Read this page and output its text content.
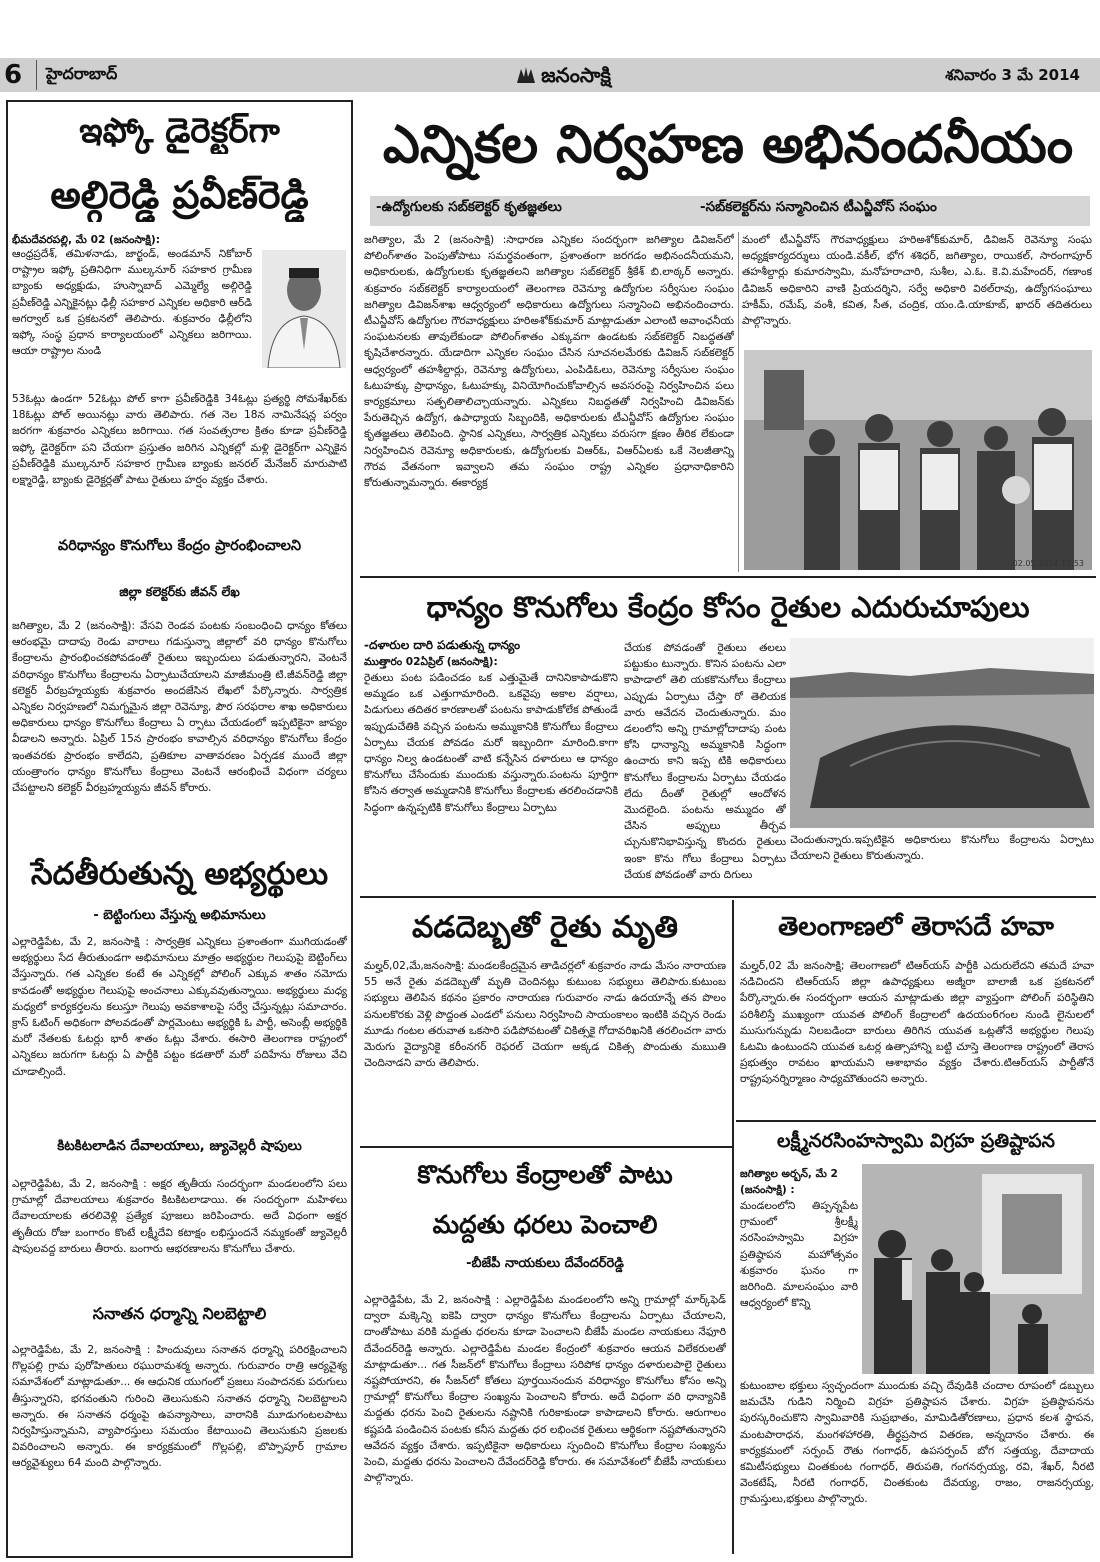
6	హైదరాబాద్	జనంసాక్షి	శనివారం 3 మే 2014
ఇఫ్కో డైరెక్టర్‌గా
అల్గిరెడ్డి ప్రవీణ్‌రెడ్డి
భీమదేవరపల్లి, మే 02 (జనంసాక్షి):

ఆంధ్రప్రదేశ్, తమిళనాడు, జార్ఖండ్, అండమాన్ నికోబార్ రాష్ట్రాల ఇఫ్కో ప్రతినిధిగా ముల్కనూర్ సహకార గ్రామీణ బ్యాంకు అధ్యక్షుడు, హుస్నాబాద్ ఎమ్మెల్యే అల్గిరెడ్డి ప్రవీణ్‌రెడ్డి ఎన్నికైనట్లు ఢిల్లీ సహకార ఎన్నికల అధికారి ఆర్‌డి అగర్వాల్ ఒక ప్రకటనలో తెలిపారు. శుక్రవారం ఢిల్లీలోని ఇఫ్కో సంస్థ ప్రధాన కార్యాలయంలో ఎన్నికలు జరిగాయి. ఆయా రాష్ట్రాల నుండి

53ఓట్లు ఉండగా 52ఓట్లు పోల్ కాగా ప్రవీణ్‌రెడ్డికి 34ఓట్లు ప్రత్యర్థి సోమశేఖర్‌కు 18ఓట్లు పోల్ అయినట్లు వారు తెలిపారు. గత నెల 18న నామినేషన్ల పర్వం జరగగా శుక్రవారం ఎన్నికలు జరిగాయి. గత సంవత్సరాల క్రితం కూడా ప్రవీణ్‌రెడ్డి ఇఫ్కో డైరెక్టర్‌గా పని చేయగా ప్రస్తుతం జరిగిన ఎన్నికల్లో మళ్లి డైరెక్టర్‌గా ఎన్నికైన ప్రవీణ్‌రెడ్డికి ముల్కనూర్ సహకార గ్రామీణ బ్యాంకు జనరల్ మేనేజర్ మారుపాటి లక్ష్మారెడ్డి, బ్యాంకు డైరెక్టర్లతో పాటు రైతులు హర్షం వ్యక్తం చేశారు.

వరిధాన్యం కొనుగోలు కేంద్రం ప్రారంభించాలని
జిల్లా కలెక్టర్‌కు జీవన్ లేఖ

జగిత్యాల, మే 2 (జనంసాక్షి): వేసవి రెండవ పంటకు సంబంధించి ధాన్యం కోతలు ఆరంభమై దాదాపు రెండు వారాలు గడుస్తున్నా జిల్లాలో వరి ధాన్యం కొనుగోలు కేంద్రాలను ప్రారంభించకపోవడంతో రైతులు ఇబ్బందులు పడుతున్నారని, వెంటనే వరిధాన్యం కొనుగోలు కేంద్రాలను ఏర్పాటుచేయాలని మాజీమంత్రి టి.జీవన్‌రెడ్డి జిల్లా కలెక్టర్ వీరబ్రహ్మయ్యకు శుక్రవారం అందజేసిన లేఖలో పేర్కొన్నారు. సార్వత్రిక ఎన్నికల నిర్వహణలో నిమగ్నమైన జిల్లా రెవెన్యూ, పౌర సరఫరాల శాఖ అధికారులు అధికారులు ధాన్యం కొనుగోలు కేంద్రాలు ఏ ర్పాటు చేయడంలో ఇప్పటికైనా జాప్యం వీడాలని అన్నారు. ఏప్రిల్ 15న ప్రారంభం కావాల్సిన వరిధాన్యం కొనుగోలు కేంద్రం ఇంతవరకు ప్రారంభం కాలేదని, ప్రతికూల వాతావరణం ఏర్పడక ముందే జిల్లా యంత్రాంగం ధాన్యం కొనుగోలు కేంద్రాలు వెంటనే ఆరంభించే విధంగా చర్యలు చేపట్టాలని కలెక్టర్ వీరబ్రహ్మయ్యను జీవన్ కోరారు.

సేదతీరుతున్న అభ్యర్థులు
- బెట్టింగులు వేస్తున్న అభిమానులు

ఎల్లారెడ్డిపేట, మే 2, జనంసాక్షి : సార్వత్రిక ఎన్నికలు ప్రశాంతంగా ముగియడంతో అభ్యర్థులు సేద తీరుతుండగా అభిమానులు మాత్రం అభ్యర్థుల గెలుపుపై బెట్టింగ్‌లు వేస్తున్నారు. గత ఎన్నికల కంటే ఈ ఎన్నికల్లో పోలింగ్ ఎక్కువ శాతం నమోదు కావడంతో అభ్యర్థుల గెలుపుపై అంచనాలు ఎక్కువవుతున్నాయి. అభ్యర్థులు మధ్య మధ్యలో కార్యకర్తలను కలుస్తూ గెలుపు అవకాశాలపై సర్వే చేస్తున్నట్లు సమాచారం. క్రాస్ ఓటింగ్ అధికంగా పోలవడంతో పార్లమెంటు అభ్యర్థికి ఓ పార్టీ, అసెంబ్లీ అభ్యర్థికి మరో నేతలకు ఓటర్లు భారీ శాతం ఓట్లు వేశారు. ఈసారి తెలంగాణ రాష్ట్రంలో ఎన్నికలు జరుగగా ఓటర్లు ఏ పార్టీకి పట్టం కడతారో మరో పదిహేను రోజులు వేచి చూడాల్సిందే.

కిటకిటలాడిన దేవాలయాలు, జ్యువెల్లరీ షాపులు

ఎల్లారెడ్డిపేట, మే 2, జనంసాక్షి : అక్షర తృతీయ సందర్భంగా మండలంలోని పలు గ్రామాల్లో దేవాలయాలు శుక్రవారం కిటకిటలాడాయి. ఈ సందర్భంగా మహిళలు దేవాలయాలకు తరలివెళ్లి ప్రత్యేక పూజలు జరిపించారు. అదే విధంగా అక్షర తృతీయ రోజు బంగారం కొంటే లక్ష్మీదేవి కటాక్షం లభిస్తుందనే నమ్మకంతో జ్యువెల్లరీ షాపులవద్ద బారులు తీరారు. బంగారు ఆభరణాలను కొనుగోలు చేశారు.

సనాతన ధర్మాన్ని నిలబెట్టాలి

ఎల్లారెడ్డిపేట, మే 2, జనంసాక్షి : హిందువులు సనాతన ధర్మాన్ని పరిరక్షించాలని గొల్లపల్లి గ్రామ పురోహితులు రఘురామశర్మ అన్నారు. గురువారం రాత్రి ఆర్యవైశ్య సమావేశంలో మాట్లాడుతూ... ఈ ఆధునిక యుగంలో ప్రజలు సంపాదనకు పరుగులు తీస్తున్నారని, భగవంతుని గురించి తెలుసుకుని సనాతన ధర్మాన్ని నిలబెట్టాలని అన్నారు. ఈ సనాతన ధర్మంపై ఉపన్యాసాలు, వారానికి మూడుగంటలపాటు నిర్వహిస్తున్నామని, వ్యాపారస్తులు సమయం కేటాయించి తెలుసుకుని ప్రజలకు వివరించాలని అన్నారు. ఈ కార్యక్రమంలో గొల్లపల్లి, బొప్పాపూర్ గ్రామాల ఆర్యవైశ్యులు 64 మంది పాల్గొన్నారు.

ఎన్నికల నిర్వహణ అభినందనీయం
-ఉద్యోగులకు సబ్‌కలెక్టర్ కృతజ్ఞతలు	-సబ్‌కలెక్టర్‌ను సన్మానించిన టీఎన్జీవోస్ సంఘం

జగిత్యాల, మే 2 (జనంసాక్షి) :సాధారణ ఎన్నికల సందర్భంగా జగిత్యాల డివిజన్‌లో పోలింగ్‌శాతం పెంపుతోపాటు సమర్థవంతంగా, ప్రశాంతంగా జరగడం అభినందనీయమని, అధికారులకు, ఉద్యోగులకు కృతజ్ఞతలని జగిత్యాల సబ్‌కలెక్టర్ శ్రీకేశ్ బి.లాఠ్కర్ అన్నారు. శుక్రవారం సబ్‌కలెక్టర్ కార్యాలయంలో తెలంగాణ రెవెన్యూ ఉద్యోగుల సర్వీసుల సంఘం జగిత్యాల డివిజన్‌శాఖ ఆధ్వర్యంలో అధికారులు ఉద్యోగులు సన్మానించి అభినందించారు. టీఎన్జీవోస్ ఉద్యోగుల గౌరవాధ్యక్షులు హరిఅశోక్‌కుమార్ మాట్లాడుతూ ఎలాంటి అవాంఛనీయ సంఘటనలకు తావులేకుండా పోలింగ్‌శాతం ఎక్కువగా ఉండటకు సబ్‌కలెక్టర్ నిబద్ధతతో కృషిచేశారన్నారు. యేడాదిగా ఎన్నికల సంఘం చేసిన సూచనలమేరకు డివిజన్ సబ్‌కలెక్టర్ ఆధ్వర్యంలో తహశీల్దార్లు, రెవెన్యూ ఉద్యోగులు, ఎంపిడిఓలు, రెవెన్యూ సర్వీసుల సంఘం ఓటుహక్కు ప్రాధాన్యం, ఓటుహక్కు వినియోగించుకోవాల్సిన అవసరంపై నిర్వహించిన పలు కార్యక్రమాలు సత్ఫలితాలిచ్చాయన్నారు. ఎన్నికలు నిబద్ధతతో నిర్వహించి డివిజన్‌కు పేరుతెచ్చిన ఉద్యోగ, ఉపాధ్యాయ సిబ్బందికి, అధికారులకు టీఎన్జీవోస్ ఉద్యోగుల సంఘం కృతజ్ఞతలు తెలిపింది. స్థానిక ఎన్నికలు, సార్వత్రిక ఎన్నికలు వరుసగా క్షణం తీరిక లేకుండా నిర్వహించిన రెవెన్యూ అధికారులకు, ఉద్యోగులకు విఆర్ఓ, విఆర్ఏలకు ఒకే నెలజీతాన్ని గౌరవ వేతనంగా ఇవ్వాలని తమ సంఘం రాష్ట్ర ఎన్నికల ప్రధానాధికారిని కోరుతున్నామన్నారు. ఈకార్యక్ర

మంలో టీఎన్జీవోస్ గౌరవాధ్యక్షులు హరిఅశోక్‌కుమార్, డివిజన్ రెవెన్యూ సంఘ అధ్యక్షకార్యదర్శులు యండి.వకీల్, భోగ శశిధర్, జగిత్యాల, రాయికల్, సారంగాపూర్ తహశీల్దార్లు కుమారస్వామి, మనోహరాచారి, సుశీల, ఎ.ఓ. కె.వి.మహేందర్, గణాంక డివిజన్ అధికారిని వాణి ప్రియదర్శిని, సర్వే అధికారి విఠల్‌రావు, ఉద్యోగసంఘాలు హకీమ్, రమేష్, వంశీ, కవిత, సీత, చంద్రిక, యం.డి.యాకూబ్, ఖాదర్ తదితరులు పాల్గొన్నారు.

02.05.2014 12:53
ధాన్యం కొనుగోలు కేంద్రం కోసం రైతుల ఎదురుచూపులు
-దళారుల దారి పడుతున్న ధాన్యం
ముత్తారం 02ఏప్రిల్ (జనంసాక్షి):

రైతులు పంట పడించడం ఒక ఎత్తుమైతే దానినికాపాడుకొని అమ్మడం ఒక ఎత్తుగామారింది. ఒకవైపు అకాల వర్షాలు, పిడుగులు తదితర కారణాలతో పంటను కాపాడుకోలేక పోతుండే ఇప్పుడుచేతికి వచ్చిన పంటను అమ్ముకానికి కొనుగోలు కేంద్రాలు ఏర్పాటు చేయక పోవడం మరో ఇబ్బందిగా మారింది.కాగా ధాన్యం నిల్వ ఉండటంతో వాటి కన్నేసిన దళారులు ఆ ధాన్యం కొనుగోలు చేసేందుకు ముందుకు వస్తున్నారు.పంటను పూర్తిగా కోసిన తర్వాత అమ్మడానికి కొనుగోలు కేంద్రాలకు తరలించడానికి సిద్ధంగా ఉన్నప్పటికి కొనుగోలు కేంద్రాలు ఏర్పాటు

చేయక పోవడంతో రైతులు తలలు పట్టుకుం టున్నారు. కొనిన పంటను ఎలా కాపాడాలో తెలి యకకొనుగోలు కేంద్రాలు ఎప్పుడు ఏర్పాటు చేస్తా రో తెలియక వారు ఆవేదన చెందుతున్నారు. మం డలంలోని అన్ని గ్రామాల్లోదాదాపు పంట కోసి ధాన్యాన్ని అమ్మకానికి సిద్ధంగా ఉంచారు కాని ఇప్ప టికి అధికారులు కొనుగోలు కేంద్రాలను ఏర్పాటు చేయడం లేదు దీంతో రైతుల్లో ఆందోళన మొదలైంది. పంటను అమ్ముదం తో చేసిన అప్పులు తీర్చవ చ్చునుకొనిభావిస్తున్న కొందరు రైతులు ఇంకా కొను గోలు కేంద్రాలు ఏర్పాటు చేయక పోవడంతో వారు దిగులు

చెందుతున్నారు.ఇప్పటికైన అధికారులు కొనుగోలు కేంద్రాలను ఏర్పాటు చేయాలని రైతులు కొరుతున్నారు.

వడదెబ్బతో రైతు మృతి

మల్హర్,02,మే,జనంసాక్షి: మండలకేంద్రమైన తాడిచర్లలో శుక్రవారం నాడు మేసం నారాయణ 55 అనే రైతు వడదెబ్బతో మృతి చెందినట్లు కుటుంబ సభ్యులు తెలిపారు.కుటుంబ సభ్యులు తెలిపిన కథనం ప్రకారం నారాయణ గురువారం నాడు ఉదయాన్నే తన పొలం పనులకొరకు వెళ్లి పొద్దంత ఎండలో పనులు నిర్వహించి సాయంకాలం ఇంటికి వచ్చిన రెండు మూడు గంటల తరువాత ఒకసారి పడిపోవటంతో చికిత్సకై గోదావరిఖనికి తరలించగా వారు మెరుగు వైద్యానికై కరీంనగర్ రెఫరల్ చెయగా అక్కడ చికిత్స పొందుతు మఋతి చెందినాడని వారు తెలిపారు.

కొనుగోలు కేంద్రాలతో పాటు
మద్దతు ధరలు పెంచాలి
-బీజేపీ నాయకులు దేవేందర్‌రెడ్డి

ఎల్లారెడ్డిపేట, మే 2, జనంసాక్షి : ఎల్లారెడ్డిపేట మండలంలోని అన్ని గ్రామాల్లో మార్క్‌ఫెడ్ ద్వారా మక్కెన్ని ఐకెపి ద్వారా ధాన్యం కొనుగోలు కేంద్రాలను ఏర్పాటు చేయాలని, దాంతోపాటు వరికి మద్దతు ధరలను కూడా పెంచాలని బీజేపీ మండల నాయకులు నేఫూరి దేవేందర్‌రెడ్డి అన్నారు. ఎల్లారెడ్డిపేట మండల కేంద్రంలో శుక్రవారం ఆయన విలేకరులతో మాట్లాడుతూ... గత సీజన్‌లో కొనుగోలు కేంద్రాలు సరిపోక ధాన్యం దళారులపాలై రైతులు నష్టపోయారని, ఈ సీజన్‌లో కోతలు పూర్తయినందున వరిధాన్యం కొనుగోలు కోసం అన్ని గ్రామాల్లో కొనుగోలు కేంద్రాల సంఖ్యను పెంచాలని కోరారు. అదే విధంగా వరి ధాన్యానికి మద్దతు ధరను పెంచి రైతులను నష్టానికి గురికాకుండా కాపాడాలని కోరారు. ఆరుగాలం కష్టపడి పండించిన పంటకు కనీస మద్దతు ధర లభించక రైతులు ఆర్థికంగా నష్టపోతున్నారని ఆవేదన వ్యక్తం చేశారు. ఇప్పటికైనా అధికారులు స్పందించి కొనుగోలు కేంద్రాల సంఖ్యను పెంచి, మద్దతు ధరను పెంచాలని దేవేందర్‌రెడ్డి కోరారు. ఈ సమావేశంలో బీజేపీ నాయకులు పాల్గొన్నారు.

తెలంగాణలో తెరాసదే హవా

మల్హర్,02 మే జనంసాక్షి; తెలంగాణలో టిఆర్‌యస్ పార్టీకి ఎదురులేదని తమదే హవా నడిచిందని టిఆర్‌యస్ జిల్లా ఉపాధ్యక్షులు అజ్మీరా బాలాజీ ఒక ప్రకటనలో పేర్కొన్నారు.ఈ సందర్భంగా ఆయన మాట్లాడుతు జిల్లా వ్యాప్తంగా పోలింగ్ పరిస్థితిని పరిశీలిస్తే ముఖ్యంగా యువత పోలింగ్ కేంద్రాలలో ఉదయం6గంల నుండి లైనులలో ముసుగున్నుడు నిలబడిందా బారులు తిరిగిన యువత ఒట్లతోనే అభ్యర్థుల గెలుపు ఓటమి ఉంటుందని యువత ఒటర్ల ఉత్సాహాన్ని బట్టి చూస్తె తెలంగాణ రాష్ట్రంలో తెరాస ప్రభుత్వం రావటం ఖాయమని ఆశాభావం వ్యక్తం చేశారు.టిఆర్‌యస్ పార్టీతోనే రాష్ట్రపునర్నిర్మాణం సాధ్యమౌతుందని అన్నారు.

లక్ష్మీనరసింహస్వామి విగ్రహ ప్రతిష్టాపన
జగిత్యాల అర్బన్, మే 2 (జనంసాక్షి) :

మండలంలోని తిప్పన్నపేట గ్రామంలో శ్రీలక్ష్మీ నరసింహస్వామి విగ్రహ ప్రతిష్ఠాపన మహోత్సవం శుక్రవారం ఘనం గా జరిగింది. మాలసంఘం వారి ఆధ్వర్యంలో కొన్ని

కుటుంబాల భక్తులు స్వచ్ఛందంగా ముందుకు వచ్చి దేవుడికి చందాల రూపంలో డబ్బులు జమచేసి గుడిని నిర్మించి విగ్రహ ప్రతిష్ఠాపన చేశారు. విగ్రహ ప్రతిష్ఠాపనను పురస్కరించుకొని స్వామివారికి సుప్రభాతం, మామిడితోరణాలు, ప్రధాన కలశ స్థాపన, మంటపారాధన, మంగళహారతి, తీర్థప్రసాద వితరణ, అన్నదానం చేశారు. ఈ కార్యక్రమంలో సర్పంచ్ రౌతు గంగాధర్, ఉపసర్పంచ్ బోగ సత్తయ్య, దేవాదాయ కమిటీసభ్యులు చింతకుంట గంగాధర్, తిరుపతి, గంగనర్సయ్య, రవి, శేఖర్, నీరటి వెంకటేష్, నీరటి గంగాధర్, చింతకుంట దేవయ్య, రాజం, రాజనర్సయ్య, గ్రామస్తులు,భక్తులు పాల్గొన్నారు.
